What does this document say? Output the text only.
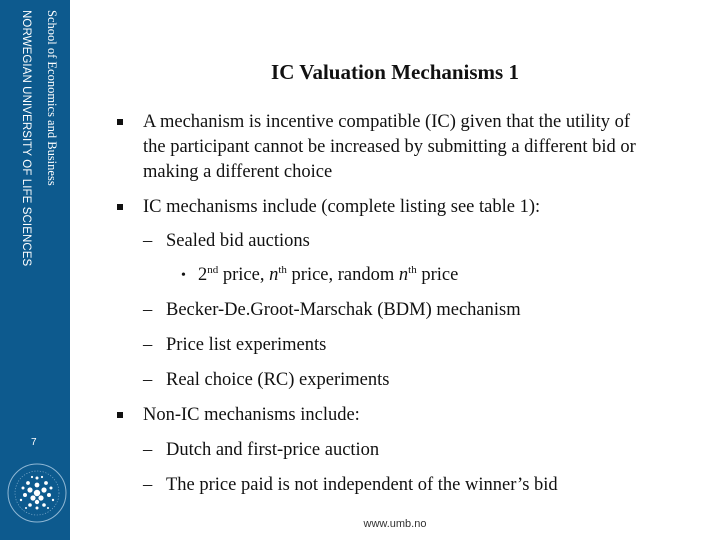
School of Economics and Business
NORWEGIAN UNIVERSITY OF LIFE SCIENCES
7
IC Valuation Mechanisms 1
A mechanism is incentive compatible (IC) given that the utility of
the participant cannot be increased by submitting a different bid or
making a different choice
IC mechanisms include (complete listing see table 1):
– Sealed bid auctions
• 2nd price, $n^{th}$ price, random $n^{th}$ price
– Becker-De.Groot-Marschak (BDM) mechanism
– Price list experiments
– Real choice (RC) experiments
Non-IC mechanisms include:
– Dutch and first-price auction
– The price paid is not independent of the winner’s bid
www.umb.no
